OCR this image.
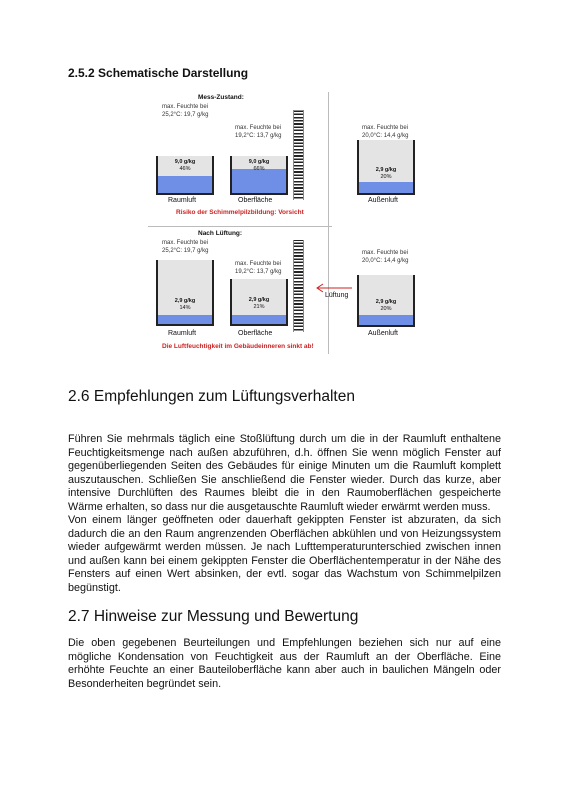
2.5.2 Schematische Darstellung
Mess-Zustand:
max. Feuchte bei 25,2°C: 19,7 g/kg
9,0 g/kg
46%
Raumluft
max. Feuchte bei 19,2°C: 13,7 g/kg
9,0 g/kg
66%
Oberfläche
Risiko der Schimmelpilzbildung: Vorsicht
Nach Lüftung:
max. Feuchte bei 25,2°C: 19,7 g/kg
2,9 g/kg
14%
Raumluft
max. Feuchte bei 19,2°C: 13,7 g/kg
2,9 g/kg
21%
Oberfläche
Die Luftfeuchtigkeit im Gebäudeinneren sinkt ab!
max. Feuchte bei 20,0°C: 14,4 g/kg
2,9 g/kg
20%
Außenluft
max. Feuchte bei 20,0°C: 14,4 g/kg
2,9 g/kg
20%
Außenluft
Lüftung
2.6 Empfehlungen zum Lüftungsverhalten

Führen Sie mehrmals täglich eine Stoßlüftung durch um die in der Raumluft enthaltene Feuchtigkeitsmenge nach außen abzuführen, d.h. öffnen Sie wenn möglich Fenster auf gegenüberliegenden Seiten des Gebäudes für einige Minuten um die Raumluft komplett auszutauschen. Schließen Sie anschließend die Fenster wieder. Durch das kurze, aber intensive Durchlüften des Raumes bleibt die in den Raumoberflächen gespeicherte Wärme erhalten, so dass nur die ausgetauschte Raumluft wieder erwärmt werden muss.

Von einem länger geöffneten oder dauerhaft gekippten Fenster ist abzuraten, da sich dadurch die an den Raum angrenzenden Oberflächen abkühlen und von Heizungssystem wieder aufgewärmt werden müssen. Je nach Lufttemperaturunterschied zwischen innen und außen kann bei einem gekippten Fenster die Oberflächentemperatur in der Nähe des Fensters auf einen Wert absinken, der evtl. sogar das Wachstum von Schimmelpilzen begünstigt.

2.7 Hinweise zur Messung und Bewertung

Die oben gegebenen Beurteilungen und Empfehlungen beziehen sich nur auf eine mögliche Kondensation von Feuchtigkeit aus der Raumluft an der Oberfläche. Eine erhöhte Feuchte an einer Bauteiloberfläche kann aber auch in baulichen Mängeln oder Besonderheiten begründet sein.
